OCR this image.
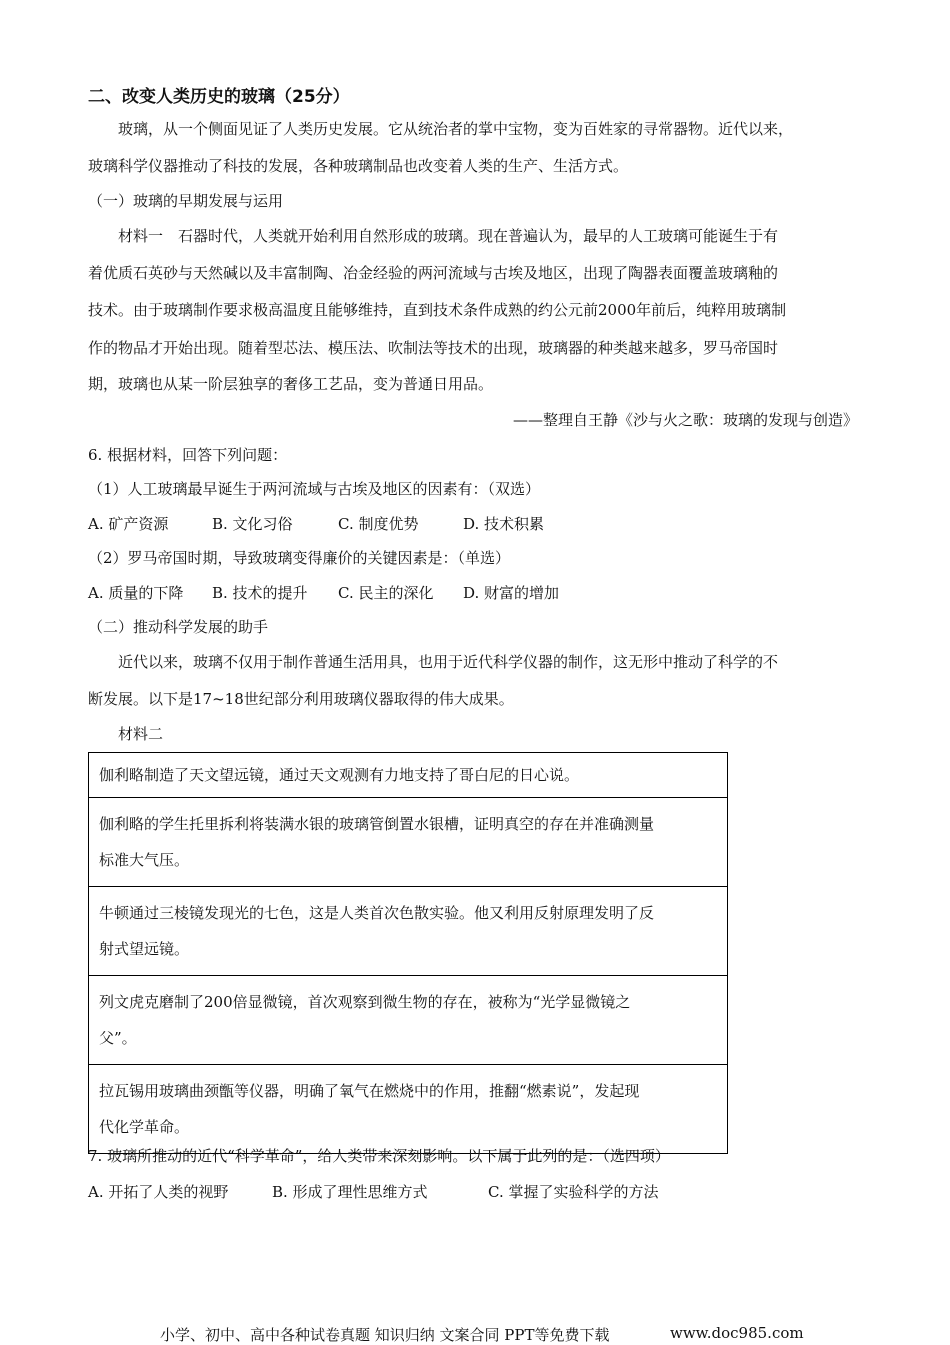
二、改变人类历史的玻璃（25分）
玻璃，从一个侧面见证了人类历史发展。它从统治者的掌中宝物，变为百姓家的寻常器物。近代以来，
玻璃科学仪器推动了科技的发展，各种玻璃制品也改变着人类的生产、生活方式。
（一）玻璃的早期发展与运用
材料一　石器时代，人类就开始利用自然形成的玻璃。现在普遍认为，最早的人工玻璃可能诞生于有
着优质石英砂与天然碱以及丰富制陶、冶金经验的两河流域与古埃及地区，出现了陶器表面覆盖玻璃釉的
技术。由于玻璃制作要求极高温度且能够维持，直到技术条件成熟的约公元前2000年前后，纯粹用玻璃制
作的物品才开始出现。随着型芯法、模压法、吹制法等技术的出现，玻璃器的种类越来越多，罗马帝国时
期，玻璃也从某一阶层独享的奢侈工艺品，变为普通日用品。
——整理自王静《沙与火之歌：玻璃的发现与创造》
6. 根据材料，回答下列问题：
（1）人工玻璃最早诞生于两河流域与古埃及地区的因素有：（双选）
A. 矿产资源	B. 文化习俗	C. 制度优势	D. 技术积累
（2）罗马帝国时期，导致玻璃变得廉价的关键因素是：（单选）
A. 质量的下降 B. 技术的提升 C. 民主的深化 D. 财富的增加
（二）推动科学发展的助手
近代以来，玻璃不仅用于制作普通生活用具，也用于近代科学仪器的制作，这无形中推动了科学的不
断发展。以下是17~18世纪部分利用玻璃仪器取得的伟大成果。
材料二
伽利略制造了天文望远镜，通过天文观测有力地支持了哥白尼的日心说。
伽利略的学生托里拆利将装满水银的玻璃管倒置水银槽，证明真空的存在并准确测量
标准大气压。
牛顿通过三棱镜发现光的七色，这是人类首次色散实验。他又利用反射原理发明了反
射式望远镜。
列文虎克磨制了200倍显微镜，首次观察到微生物的存在，被称为“光学显微镜之
父”。
拉瓦锡用玻璃曲颈甑等仪器，明确了氧气在燃烧中的作用，推翻“燃素说”，发起现
代化学革命。
7. 玻璃所推动的近代“科学革命”，给人类带来深刻影响。以下属于此列的是：（选四项）
A. 开拓了人类的视野	B. 形成了理性思维方式	C. 掌握了实验科学的方法
小学、初中、高中各种试卷真题 知识归纳 文案合同 PPT等免费下载	www.doc985.com
